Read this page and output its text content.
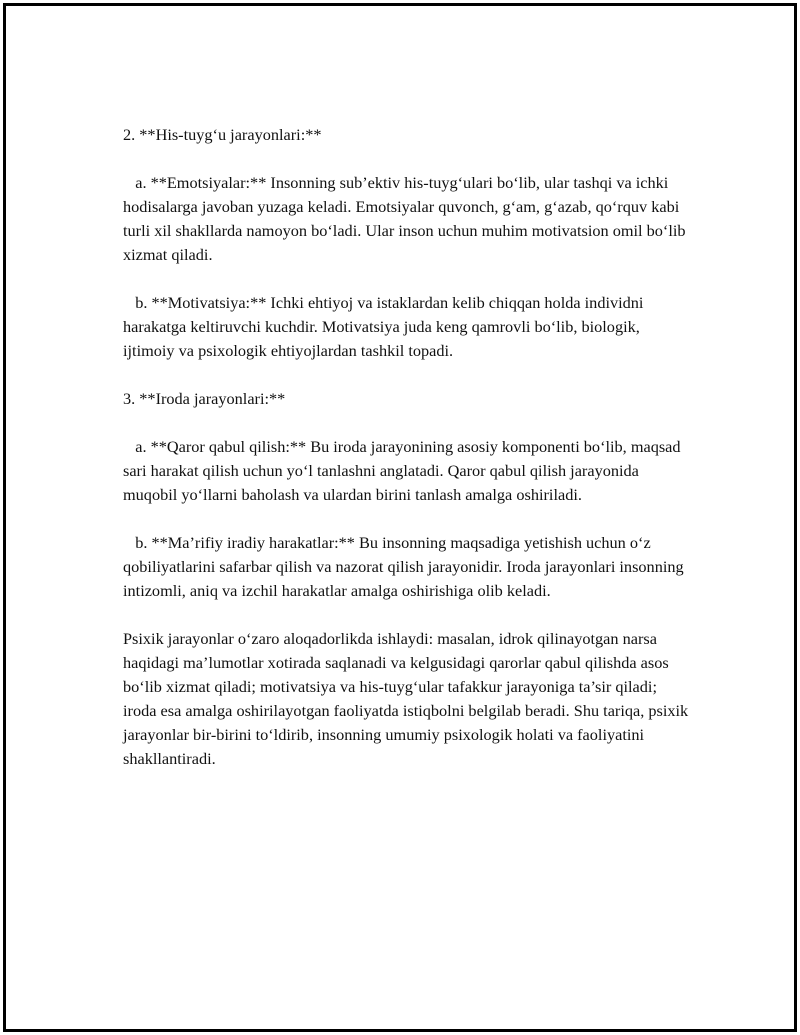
2. **His-tuyg‘u jarayonlari:**

a. **Emotsiyalar:** Insonning sub’ektiv his-tuyg‘ulari bo‘lib, ular tashqi va ichki hodisalarga javoban yuzaga keladi. Emotsiyalar quvonch, g‘am, g‘azab, qo‘rquv kabi turli xil shakllarda namoyon bo‘ladi. Ular inson uchun muhim motivatsion omil bo‘lib xizmat qiladi.

b. **Motivatsiya:** Ichki ehtiyoj va istaklardan kelib chiqqan holda individni harakatga keltiruvchi kuchdir. Motivatsiya juda keng qamrovli bo‘lib, biologik, ijtimoiy va psixologik ehtiyojlardan tashkil topadi.

3. **Iroda jarayonlari:**

a. **Qaror qabul qilish:** Bu iroda jarayonining asosiy komponenti bo‘lib, maqsad sari harakat qilish uchun yo‘l tanlashni anglatadi. Qaror qabul qilish jarayonida muqobil yo‘llarni baholash va ulardan birini tanlash amalga oshiriladi.

b. **Ma’rifiy iradiy harakatlar:** Bu insonning maqsadiga yetishish uchun o‘z qobiliyatlarini safarbar qilish va nazorat qilish jarayonidir. Iroda jarayonlari insonning intizomli, aniq va izchil harakatlar amalga oshirishiga olib keladi.

Psixik jarayonlar o‘zaro aloqadorlikda ishlaydi: masalan, idrok qilinayotgan narsa haqidagi ma’lumotlar xotirada saqlanadi va kelgusidagi qarorlar qabul qilishda asos bo‘lib xizmat qiladi; motivatsiya va his-tuyg‘ular tafakkur jarayoniga ta’sir qiladi; iroda esa amalga oshirilayotgan faoliyatda istiqbolni belgilab beradi. Shu tariqa, psixik jarayonlar bir-birini to‘ldirib, insonning umumiy psixologik holati va faoliyatini shakllantiradi.
